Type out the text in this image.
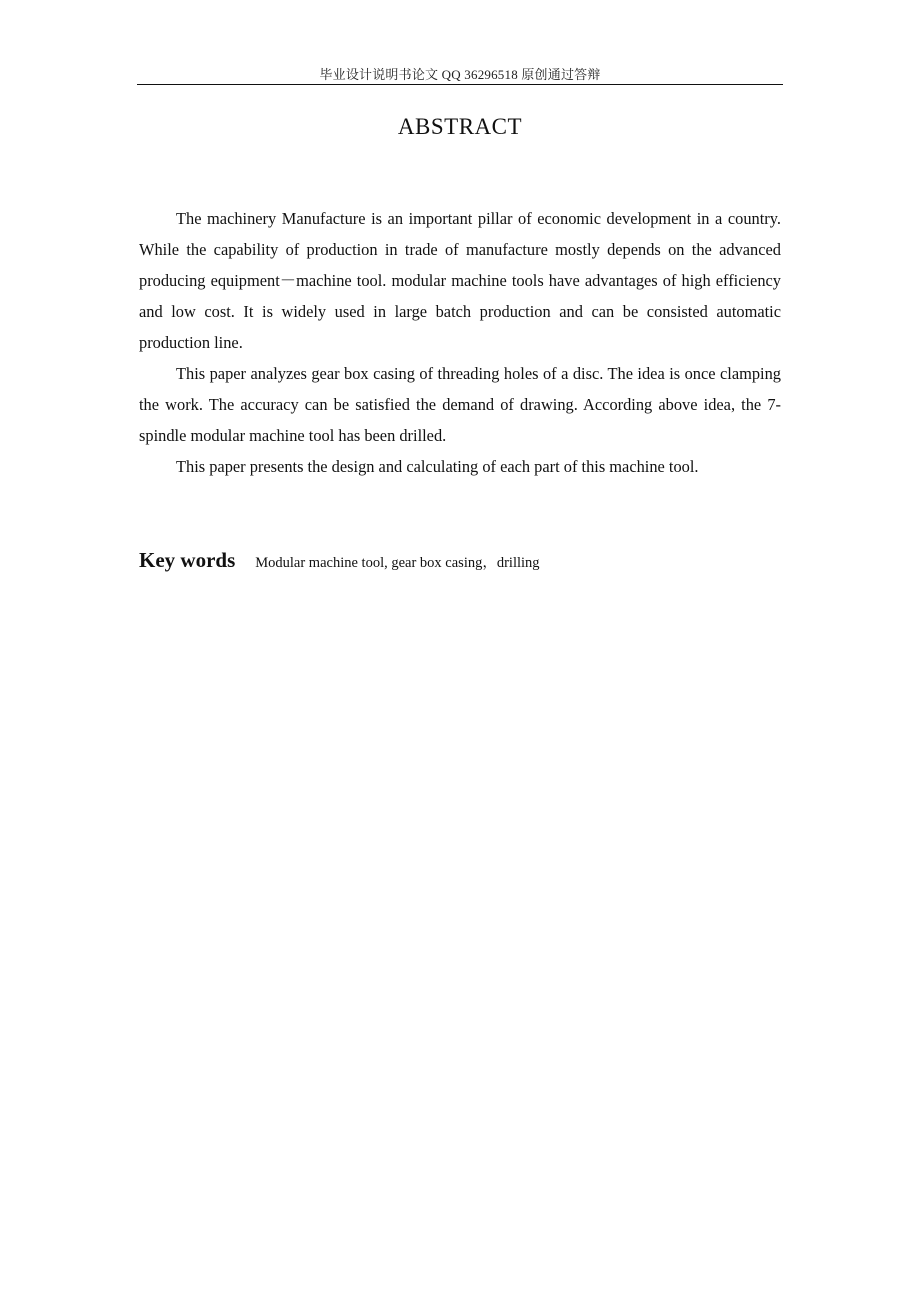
毕业设计说明书论文 QQ 36296518 原创通过答辩
ABSTRACT

The machinery Manufacture is an important pillar of economic development in a country. While the capability of production in trade of manufacture mostly depends on the advanced producing equipment－machine tool. modular machine tools have advantages of high efficiency and low cost. It is widely used in large batch production and can be consisted automatic production line.

This paper analyzes gear box casing of threading holes of a disc. The idea is once clamping the work. The accuracy can be satisfied the demand of drawing. According above idea, the 7-spindle modular machine tool has been drilled.

This paper presents the design and calculating of each part of this machine tool.

Key words Modular machine tool, gear box casing，drilling
